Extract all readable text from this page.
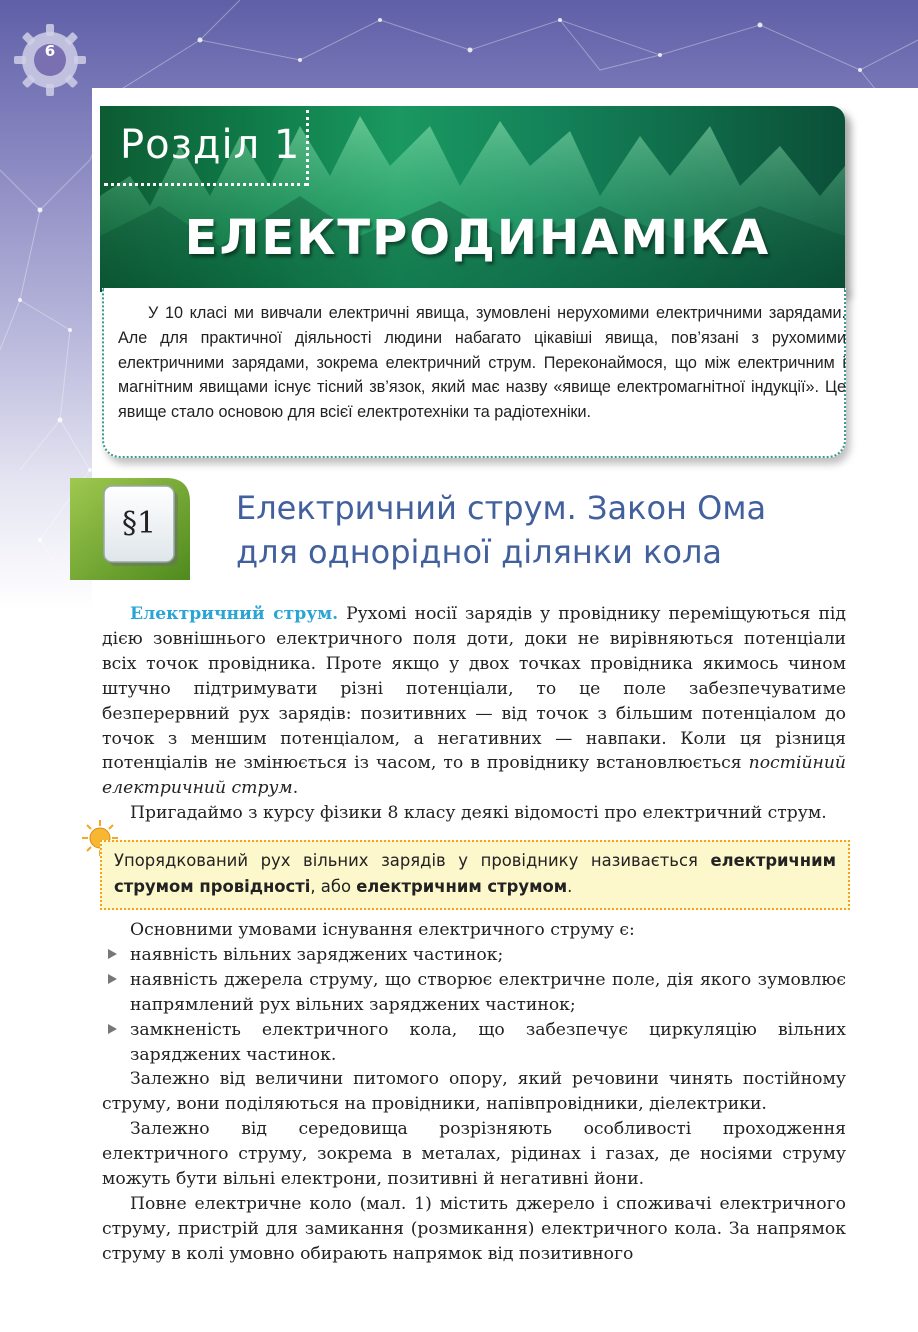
6
Розділ 1
ЕЛЕКТРОДИНАМІКА
У 10 класі ми вивчали електричні явища, зумовлені нерухомими електричними зарядами. Але для практичної діяльності людини набагато цікавіші явища, пов’язані з рухомими електричними зарядами, зокрема електричний струм. Переконаймося, що між електричним і магнітним явищами існує тісний зв’язок, який має назву «явище електромагнітної індукції». Це явище стало основою для всієї електротехніки та радіотехніки.
§1	Електричний струм. Закон Ома
для однорідної ділянки кола

Електричний струм. Рухомі носії зарядів у провіднику переміщуються під дією зовнішнього електричного поля доти, доки не вирівняються потенціали всіх точок провідника. Проте якщо у двох точках провідника якимось чином штучно підтримувати різні потенціали, то це поле забезпечуватиме безперервний рух зарядів: позитивних — від точок з більшим потенціалом до точок з меншим потенціалом, а негативних — навпаки. Коли ця різниця потенціалів не змінюється із часом, то в провіднику встановлюється постійний електричний струм.

Пригадаймо з курсу фізики 8 класу деякі відомості про електричний струм.

Упорядкований рух вільних зарядів у провіднику називається електричним струмом провідності, або електричним струмом.

Основними умовами існування електричного струму є:

наявність вільних заряджених частинок;
наявність джерела струму, що створює електричне поле, дія якого зумовлює напрямлений рух вільних заряджених частинок;
замкненість електричного кола, що забезпечує циркуляцію вільних заряджених частинок.

Залежно від величини питомого опору, який речовини чинять постійному струму, вони поділяються на провідники, напівпровідники, діелектрики.

Залежно від середовища розрізняють особливості проходження електричного струму, зокрема в металах, рідинах і газах, де носіями струму можуть бути вільні електрони, позитивні й негативні йони.

Повне електричне коло (мал. 1) містить джерело і споживачі електричного струму, пристрій для замикання (розмикання) електричного кола. За напрямок струму в колі умовно обирають напрямок від позитивного
